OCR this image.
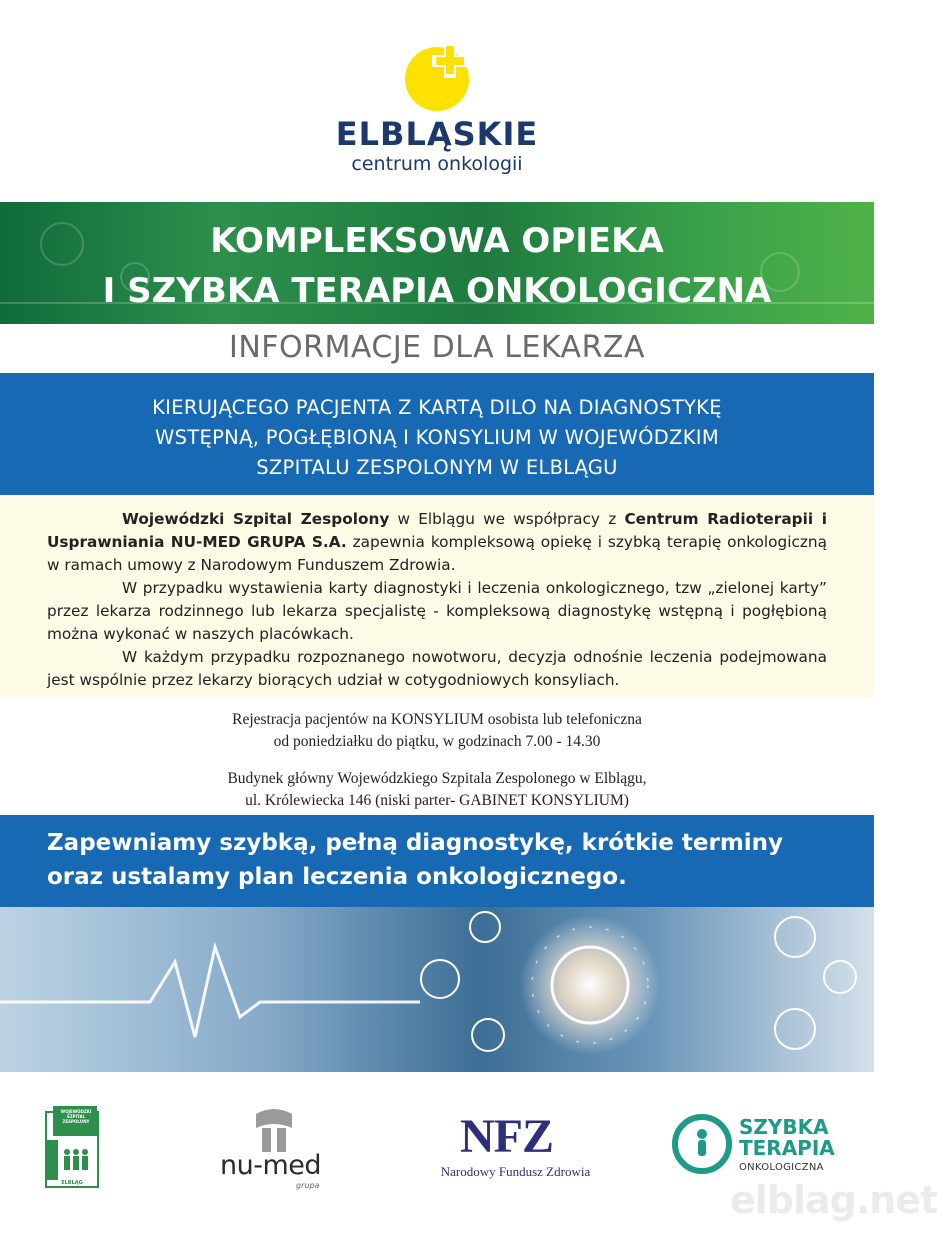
ELBLĄSKIE
centrum onkologii
KOMPLEKSOWA OPIEKA
I SZYBKA TERAPIA ONKOLOGICZNA
INFORMACJE DLA LEKARZA
KIERUJĄCEGO PACJENTA Z KARTĄ DILO NA DIAGNOSTYKĘ
WSTĘPNĄ, POGŁĘBIONĄ I KONSYLIUM W WOJEWÓDZKIM
SZPITALU ZESPOLONYM W ELBLĄGU

Wojewódzki Szpital Zespolony w Elblągu we współpracy z Centrum Radioterapii i Usprawniania NU-MED GRUPA S.A. zapewnia kompleksową opiekę i szybką terapię onkologiczną w ramach umowy z Narodowym Funduszem Zdrowia.

W przypadku wystawienia karty diagnostyki i leczenia onkologicznego, tzw „zielonej karty” przez lekarza rodzinnego lub lekarza specjalistę - kompleksową diagnostykę wstępną i pogłębioną można wykonać w naszych placówkach.

W każdym przypadku rozpoznanego nowotworu, decyzja odnośnie leczenia podejmowana jest wspólnie przez lekarzy biorących udział w cotygodniowych konsyliach.

Rejestracja pacjentów na KONSYLIUM osobista lub telefoniczna
od poniedziałku do piątku, w godzinach 7.00 - 14.30
Budynek główny Wojewódzkiego Szpitala Zespolonego w Elblągu,
ul. Królewiecka 146 (niski parter- GABINET KONSYLIUM)
Zapewniamy szybką, pełną diagnostykę, krótkie terminy
oraz ustalamy plan leczenia onkologicznego.
WOJEWÓDZKI SZPITAL ZESPOLONY
ELBLĄG
nu-med
grupa
NFZ
Narodowy Fundusz Zdrowia
SZYBKA
TERAPIA
ONKOLOGICZNA
elblag.net
